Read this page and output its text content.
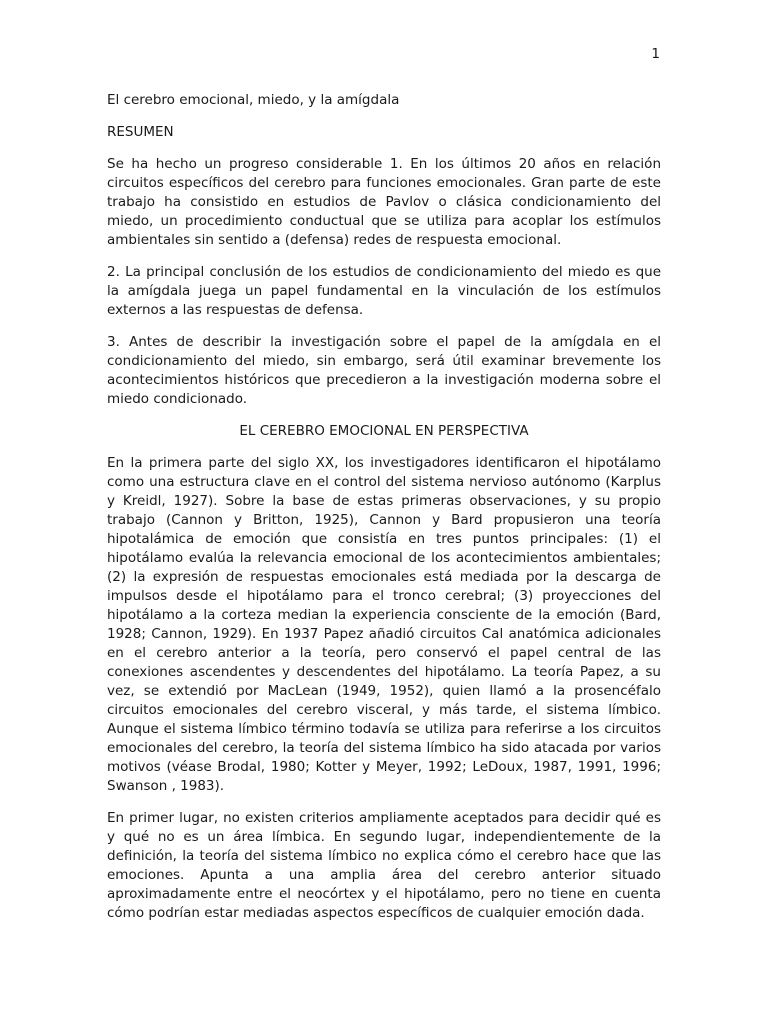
1

El cerebro emocional, miedo, y la amígdala

RESUMEN

Se ha hecho un progreso considerable 1. En los últimos 20 años en relación circuitos específicos del cerebro para funciones emocionales. Gran parte de este trabajo ha consistido en estudios de Pavlov o clásica condicionamiento del miedo, un procedimiento conductual que se utiliza para acoplar los estímulos ambientales sin sentido a (defensa) redes de respuesta emocional.

2. La principal conclusión de los estudios de condicionamiento del miedo es que la amígdala juega un papel fundamental en la vinculación de los estímulos externos a las respuestas de defensa.

3. Antes de describir la investigación sobre el papel de la amígdala en el condicionamiento del miedo, sin embargo, será útil examinar brevemente los acontecimientos históricos que precedieron a la investigación moderna sobre el miedo condicionado.

EL CEREBRO EMOCIONAL EN PERSPECTIVA

En la primera parte del siglo XX, los investigadores identificaron el hipotálamo como una estructura clave en el control del sistema nervioso autónomo (Karplus y Kreidl, 1927). Sobre la base de estas primeras observaciones, y su propio trabajo (Cannon y Britton, 1925), Cannon y Bard propusieron una teoría hipotalámica de emoción que consistía en tres puntos principales: (1) el hipotálamo evalúa la relevancia emocional de los acontecimientos ambientales; (2) la expresión de respuestas emocionales está mediada por la descarga de impulsos desde el hipotálamo para el tronco cerebral; (3) proyecciones del hipotálamo a la corteza median la experiencia consciente de la emoción (Bard, 1928; Cannon, 1929). En 1937 Papez añadió circuitos Cal anatómica adicionales en el cerebro anterior a la teoría, pero conservó el papel central de las conexiones ascendentes y descendentes del hipotálamo. La teoría Papez, a su vez, se extendió por MacLean (1949, 1952), quien llamó a la prosencéfalo circuitos emocionales del cerebro visceral, y más tarde, el sistema límbico. Aunque el sistema límbico término todavía se utiliza para referirse a los circuitos emocionales del cerebro, la teoría del sistema límbico ha sido atacada por varios motivos (véase Brodal, 1980; Kotter y Meyer, 1992; LeDoux, 1987, 1991, 1996; Swanson , 1983).

En primer lugar, no existen criterios ampliamente aceptados para decidir qué es y qué no es un área límbica. En segundo lugar, independientemente de la definición, la teoría del sistema límbico no explica cómo el cerebro hace que las emociones. Apunta a una amplia área del cerebro anterior situado aproximadamente entre el neocórtex y el hipotálamo, pero no tiene en cuenta cómo podrían estar mediadas aspectos específicos de cualquier emoción dada.
